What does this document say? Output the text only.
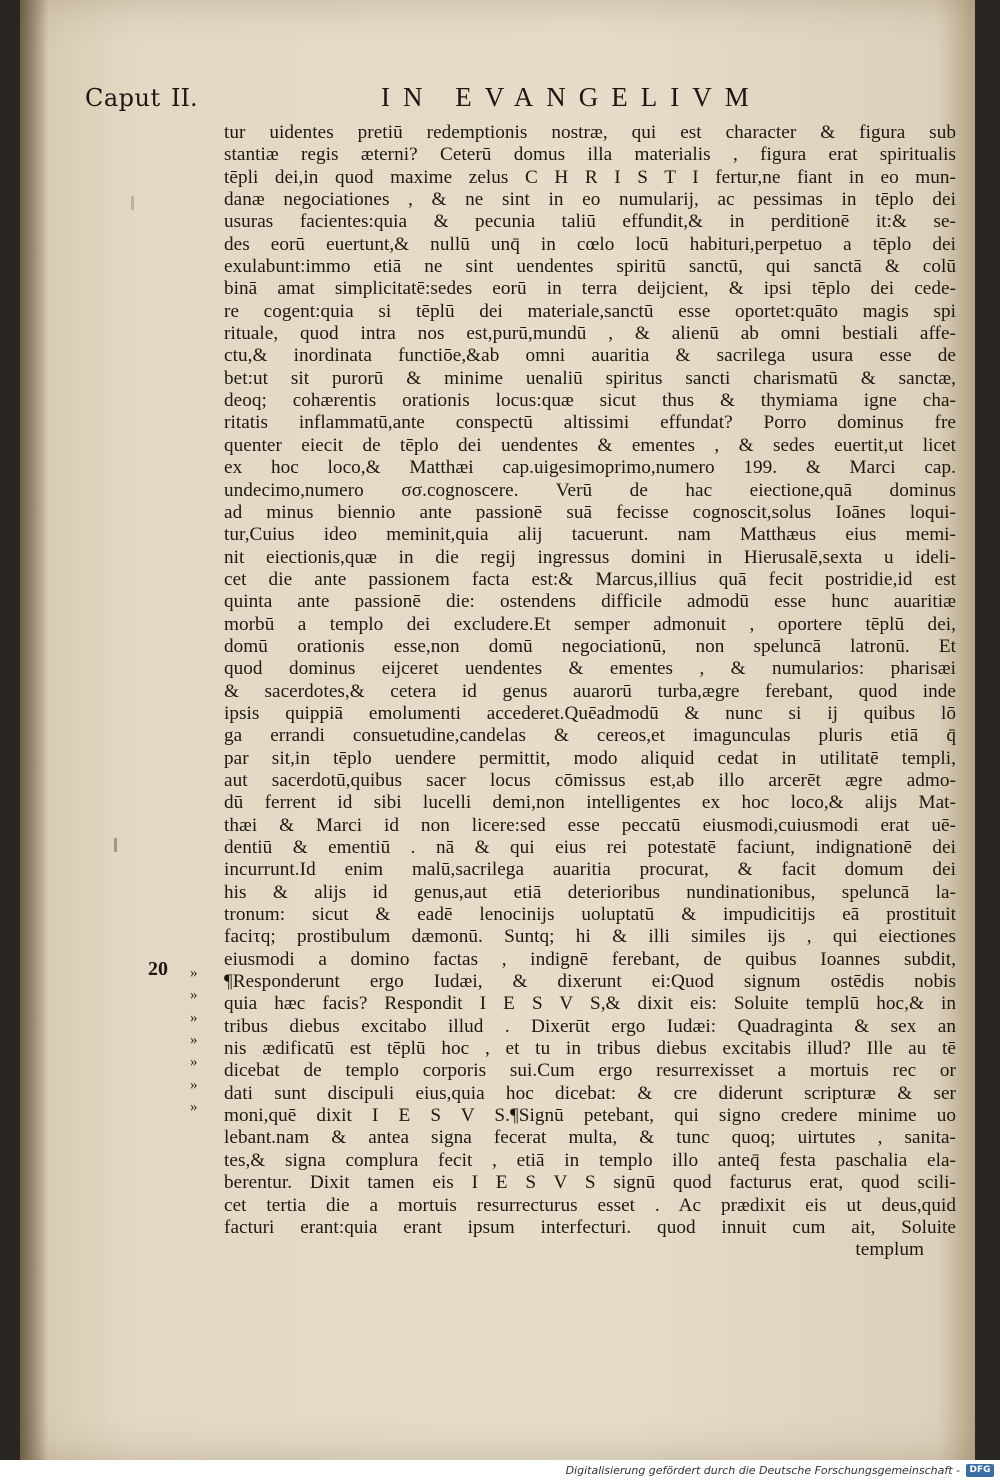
Caput II.	IN EVANGELIVM
20 »
»
»
»
»
»
»
tur uidentes pretiū redemptionis nostræ, qui est character & figura sub
stantiæ regis æterni? Ceterū domus illa materialis , figura erat spiritualis
tēpli dei,in quod maxime zelus C H R I S T I fertur,ne fiant in eo mun-
danæ negociationes , & ne sint in eo numularij, ac pessimas in tēplo dei
usuras facientes:quia & pecunia taliū effundit,& in perditionē it:& se-
des eorū euertunt,& nullū unq̄ in cœlo locū habituri,perpetuo a tēplo dei
exulabunt:immo etiā ne sint uendentes spiritū sanctū, qui sanctā & colū
binā amat simplicitatē:sedes eorū in terra deijcient, & ipsi tēplo dei cede-
re cogent:quia si tēplū dei materiale,sanctū esse oportet:quāto magis spi
rituale, quod intra nos est,purū,mundū , & alienū ab omni bestiali affe-
ctu,& inordinata functiōe,&ab omni auaritia & sacrilega usura esse de
bet:ut sit purorū & minime uenaliū spiritus sancti charismatū & sanctæ,
deoq; cohærentis orationis locus:quæ sicut thus & thymiama igne cha-
ritatis inflammatū,ante conspectū altissimi effundat? Porro dominus fre
quenter eiecit de tēplo dei uendentes & ementes , & sedes euertit,ut licet
ex hoc loco,& Matthæi cap.uigesimoprimo,numero 199. & Marci cap.
undecimo,numero σσ.cognoscere. Verū de hac eiectione,quā dominus
ad minus biennio ante passionē suā fecisse cognoscit,solus Ioānes loqui-
tur,Cuius ideo meminit,quia alij tacuerunt. nam Matthæus eius memi-
nit eiectionis,quæ in die regij ingressus domini in Hierusalē,sexta u ideli-
cet die ante passionem facta est:& Marcus,illius quā fecit postridie,id est
quinta ante passionē die: ostendens difficile admodū esse hunc auaritiæ
morbū a templo dei excludere.Et semper admonuit , oportere tēplū dei,
domū orationis esse,non domū negociationū, non speluncā latronū. Et
quod dominus eijceret uendentes & ementes , & numularios: pharisæi
& sacerdotes,& cetera id genus auarorū turba,ægre ferebant, quod inde
ipsis quippiā emolumenti accederet.Quēadmodū & nunc si ij quibus lō
ga errandi consuetudine,candelas & cereos,et imagunculas pluris etiā q̄
par sit,in tēplo uendere permittit, modo aliquid cedat in utilitatē templi,
aut sacerdotū,quibus sacer locus cōmissus est,ab illo arcerēt ægre admo-
dū ferrent id sibi lucelli demi,non intelligentes ex hoc loco,& alijs Mat-
thæi & Marci id non licere:sed esse peccatū eiusmodi,cuiusmodi erat uē-
dentiū & ementiū . nā & qui eius rei potestatē faciunt, indignationē dei
incurrunt.Id enim malū,sacrilega auaritia procurat, & facit domum dei
his & alijs id genus,aut etiā deterioribus nundinationibus, speluncā la-
tronum: sicut & eadē lenocinijs uoluptatū & impudicitijs eā prostituit
faciτq; prostibulum dæmonū. Suntq; hi & illi similes ijs , qui eiectiones
eiusmodi a domino factas , indignē ferebant, de quibus Ioannes subdit,
¶Responderunt ergo Iudæi, & dixerunt ei:Quod signum ostēdis nobis
quia hæc facis? Respondit I E S V S,& dixit eis: Soluite templū hoc,& in
tribus diebus excitabo illud . Dixerūt ergo Iudæi: Quadraginta & sex an
nis ædificatū est tēplū hoc , et tu in tribus diebus excitabis illud? Ille au tē
dicebat de templo corporis sui.Cum ergo resurrexisset a mortuis rec or
dati sunt discipuli eius,quia hoc dicebat: & cre diderunt scripturæ & ser
moni,quē dixit I E S V S.¶Signū petebant, qui signo credere minime uo
lebant.nam & antea signa fecerat multa, & tunc quoq; uirtutes , sanita-
tes,& signa complura fecit , etiā in templo illo anteq̄ festa paschalia ela-
berentur. Dixit tamen eis I E S V S signū quod facturus erat, quod scili-
cet tertia die a mortuis resurrecturus esset . Ac prædixit eis ut deus,quid
facturi erant:quia erant ipsum interfecturi. quod innuit cum ait, Soluite
templum
Digitalisierung gefördert durch die Deutsche Forschungsgemeinschaft -	DFG
